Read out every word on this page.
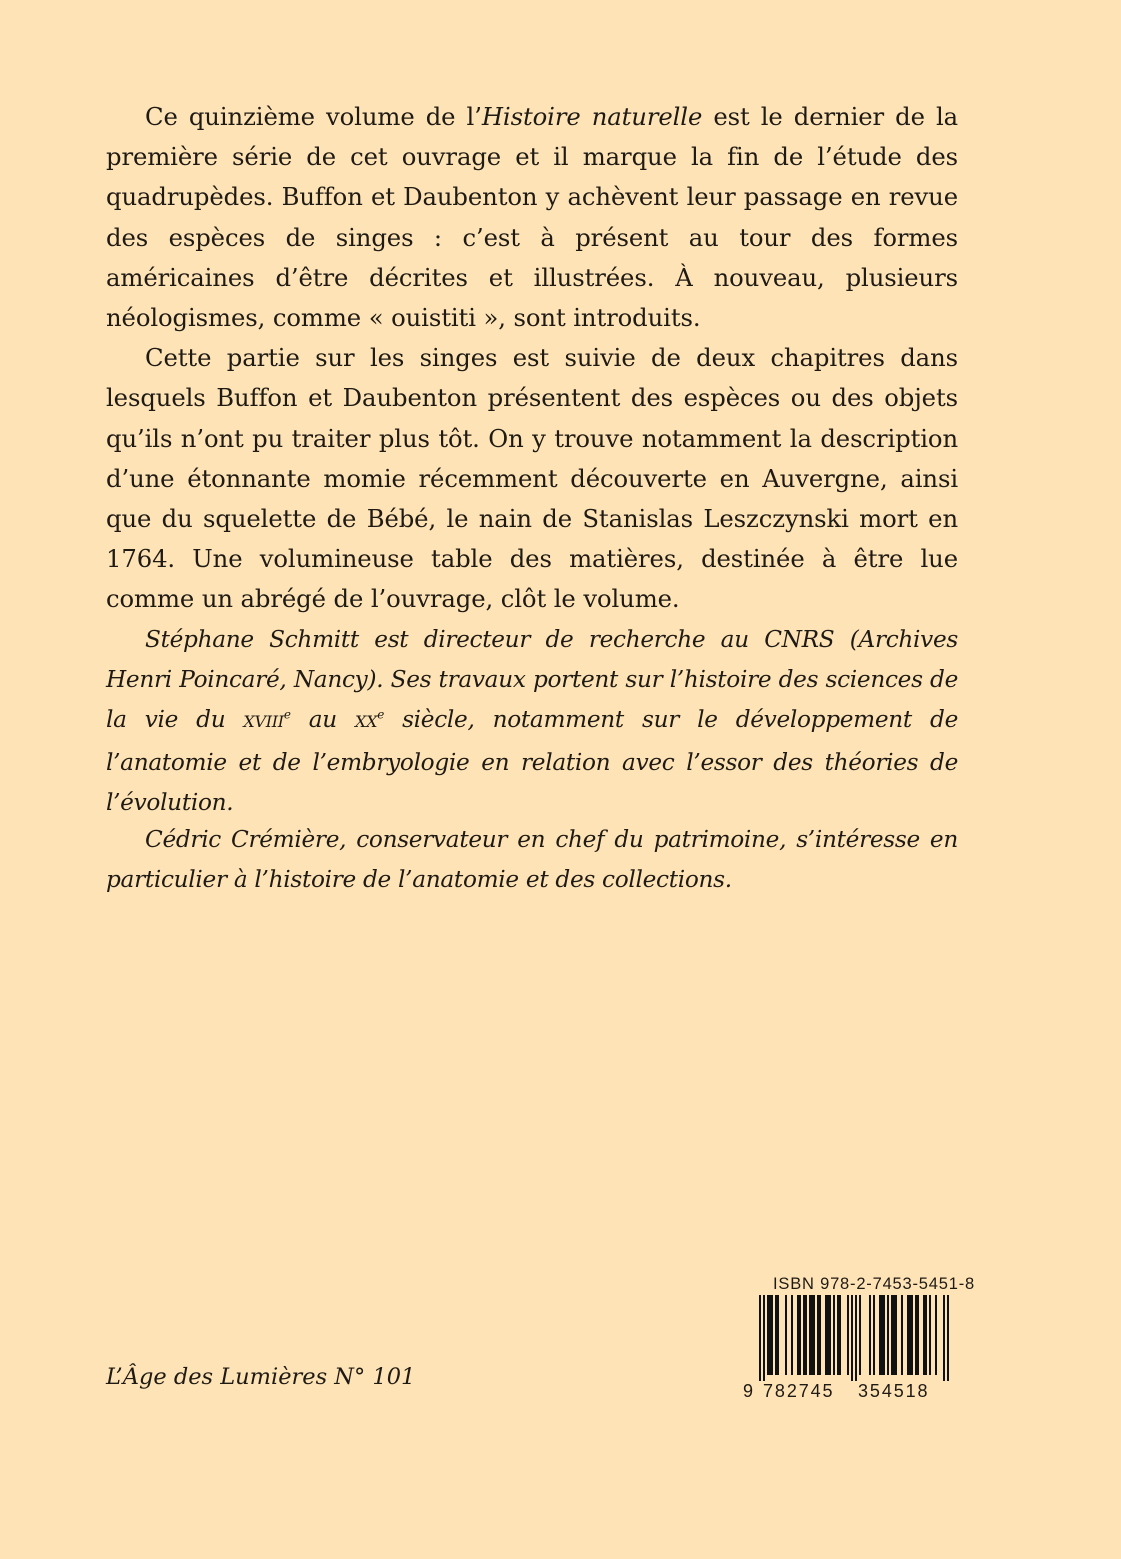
Ce quinzième volume de l’Histoire naturelle est le dernier de la première série de cet ouvrage et il marque la fin de l’étude des quadrupèdes. Buffon et Daubenton y achèvent leur passage en revue des espèces de singes : c’est à présent au tour des formes américaines d’être décrites et illustrées. À nouveau, plusieurs néologismes, comme « ouistiti », sont introduits.

Cette partie sur les singes est suivie de deux chapitres dans lesquels Buffon et Daubenton présentent des espèces ou des objets qu’ils n’ont pu traiter plus tôt. On y trouve notamment la description d’une étonnante momie récemment découverte en Auvergne, ainsi que du squelette de Bébé, le nain de Stanislas Leszczynski mort en 1764. Une volumineuse table des matières, destinée à être lue comme un abrégé de l’ouvrage, clôt le volume.

Stéphane Schmitt est directeur de recherche au CNRS (Archives Henri Poincaré, Nancy). Ses travaux portent sur l’histoire des sciences de la vie du XVIIIe au XXe siècle, notamment sur le développement de l’anatomie et de l’embryologie en relation avec l’essor des théories de l’évolution.

Cédric Crémière, conservateur en chef du patrimoine, s’intéresse en particulier à l’histoire de l’anatomie et des collections.

L’Âge des Lumières N° 101
ISBN 978-2-7453-5451-8
9 782745 354518
